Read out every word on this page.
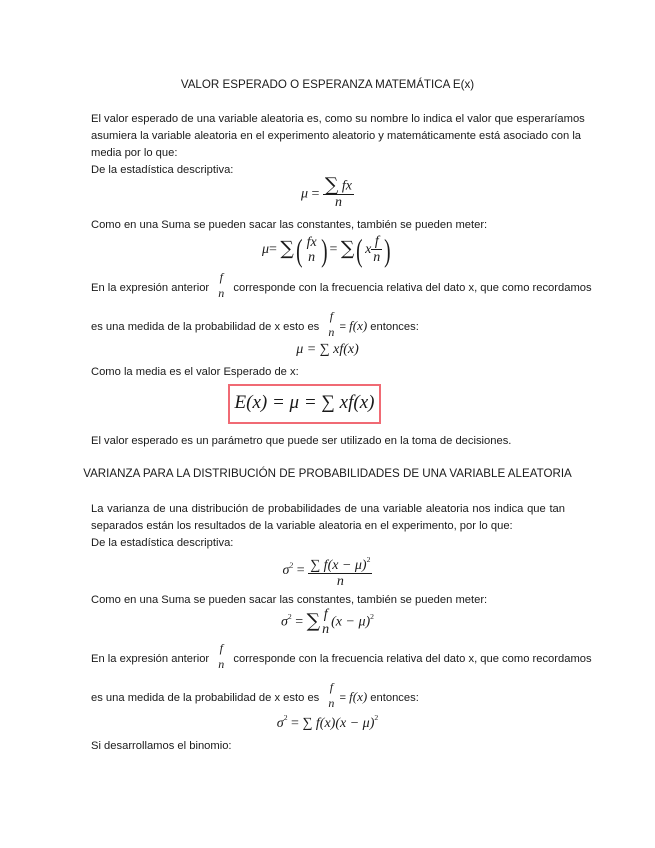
VALOR ESPERADO O ESPERANZA MATEMÁTICA E(x)
El valor esperado de una variable aleatoria es, como su nombre lo indica el valor que esperaríamos
asumiera la variable aleatoria en el experimento aleatorio y matemáticamente está asociado con la
media por lo que:
De la estadística descriptiva:
$\mu = \frac{\sum fx}{n}$
Como en una Suma se pueden sacar las constantes, también se pueden meter:
μ= ∑( fx
n ) = ∑( x $\frac{f}{n}$ )
En la expresión anterior
f
n corresponde con la frecuencia relativa del dato x, que como recordamos
es una medida de la probabilidad de x esto es
f
n = f(x) entonces:
μ = ∑ xf(x)
Como la media es el valor Esperado de x:
E(x) = μ = ∑ xf(x)
El valor esperado es un parámetro que puede ser utilizado en la toma de decisiones.
VARIANZA PARA LA DISTRIBUCIÓN DE PROBABILIDADES DE UNA VARIABLE ALEATORIA
La varianza de una distribución de probabilidades de una variable aleatoria nos indica que tan
separados están los resultados de la variable aleatoria en el experimento, por lo que:
De la estadística descriptiva:
$\sigma^2 = \frac{\sum f(x - \mu)^2}{n}$
Como en una Suma se pueden sacar las constantes, también se pueden meter:
$\sigma^2$ = ∑ f
n $(x - \mu)^2$
En la expresión anterior
f
n corresponde con la frecuencia relativa del dato x, que como recordamos
es una medida de la probabilidad de x esto es
f
n = f(x) entonces:
$\sigma^2$ = ∑ $f(x)(x - \mu)^2$
Si desarrollamos el binomio:
